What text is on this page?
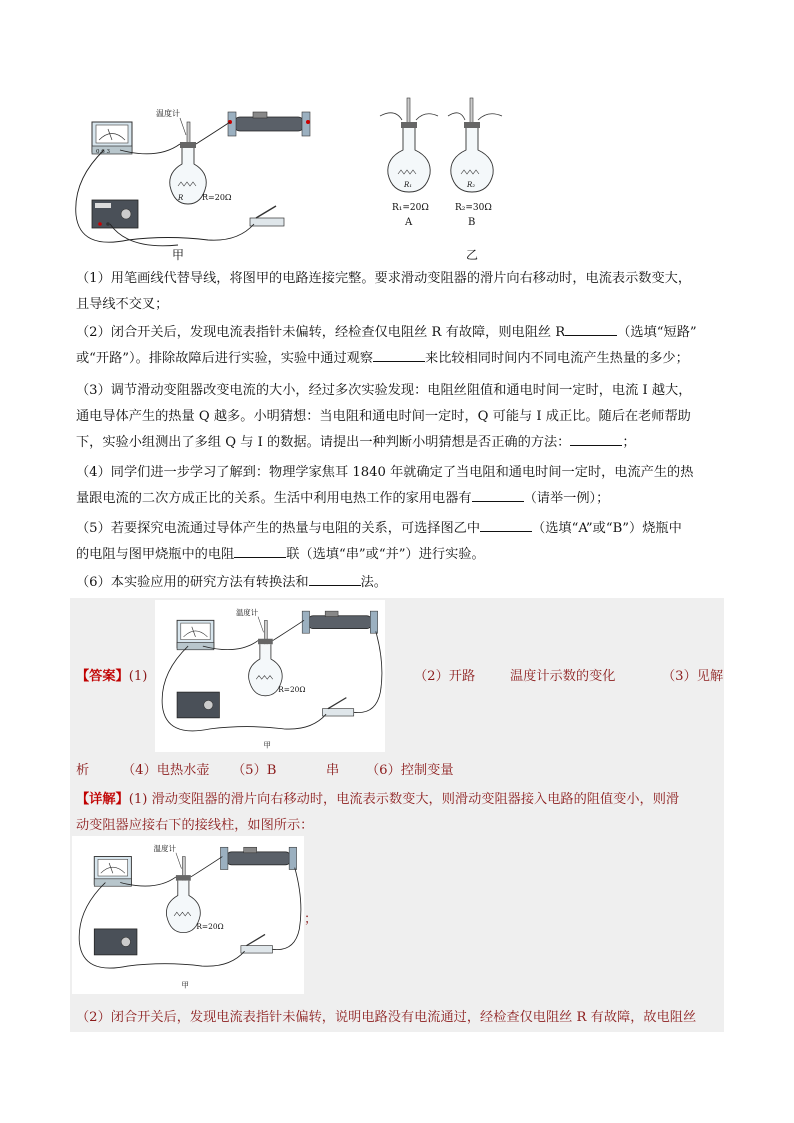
0.6 3
温度计
R R=20Ω
甲
R₁
R₁=20Ω
A
R₂
R₂=30Ω
B
乙
（1）用笔画线代替导线，将图甲的电路连接完整。要求滑动变阻器的滑片向右移动时，电流表示数变大，
且导线不交叉；
（2）闭合开关后，发现电流表指针未偏转，经检查仅电阻丝 R 有故障，则电阻丝 R	（选填“短路”
或“开路”）。排除故障后进行实验，实验中通过观察	来比较相同时间内不同电流产生热量的多少；
（3）调节滑动变阻器改变电流的大小，经过多次实验发现：电阻丝阻值和通电时间一定时，电流 I 越大，
通电导体产生的热量 Q 越多。小明猜想：当电阻和通电时间一定时，Q 可能与 I 成正比。随后在老师帮助
下，实验小组测出了多组 Q 与 I 的数据。请提出一种判断小明猜想是否正确的方法：	；
（4）同学们进一步学习了解到：物理学家焦耳 1840 年就确定了当电阻和通电时间一定时，电流产生的热
量跟电流的二次方成正比的关系。生活中利用电热工作的家用电器有	（请举一例）；
（5）若要探究电流通过导体产生的热量与电阻的关系，可选择图乙中	（选填“A”或“B”）烧瓶中
的电阻与图甲烧瓶中的电阻	联（选填“串”或“并”）进行实验。
（6）本实验应用的研究方法有转换法和	法。
温度计
R=20Ω
甲
【答案】(1)	（2）开路	温度计示数的变化	（3）见解
析 （4）电热水壶 （5）B	串 （6）控制变量
【详解】(1) 滑动变阻器的滑片向右移动时，电流表示数变大，则滑动变阻器接入电路的阻值变小，则滑
动变阻器应接右下的接线柱，如图所示：
温度计
R=20Ω
甲
；
（2）闭合开关后，发现电流表指针未偏转，说明电路没有电流通过，经检查仅电阻丝 R 有故障，故电阻丝
